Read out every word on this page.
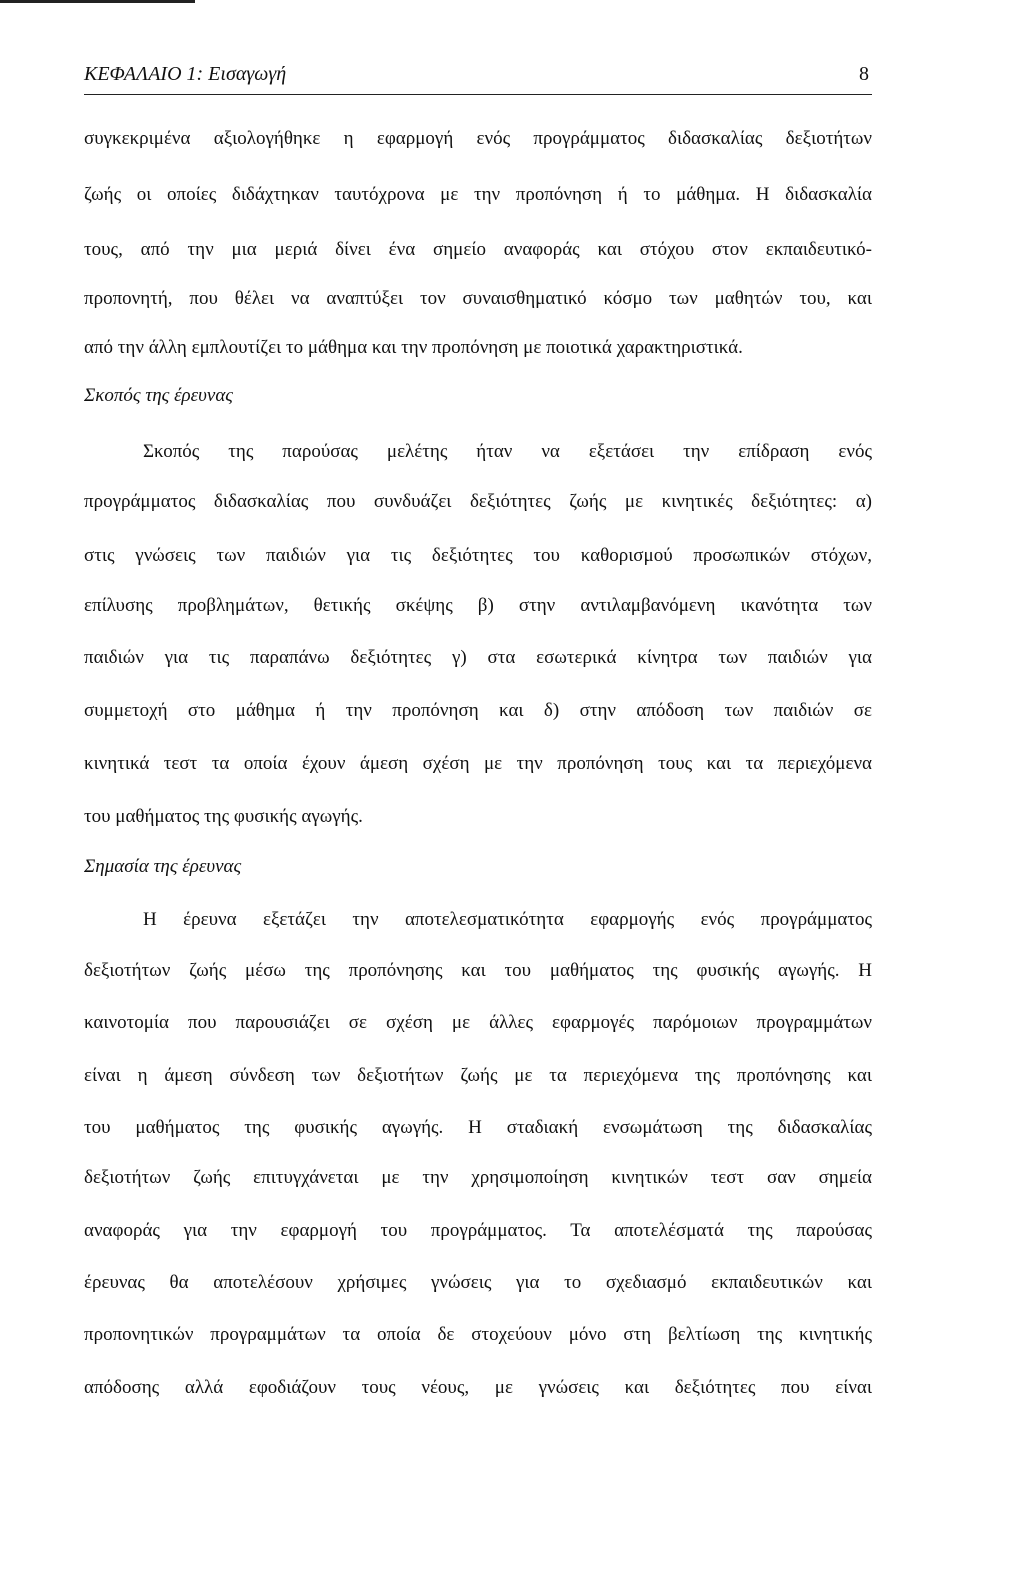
ΚΕΦΑΛΑΙΟ 1: Εισαγωγή	8
συγκεκριμένα αξιολογήθηκε η εφαρμογή ενός προγράμματος διδασκαλίας δεξιοτήτων
ζωής οι οποίες διδάχτηκαν ταυτόχρονα με την προπόνηση ή το μάθημα. Η διδασκαλία
τους, από την μια μεριά δίνει ένα σημείο αναφοράς και στόχου στον εκπαιδευτικό-
προπονητή, που θέλει να αναπτύξει τον συναισθηματικό κόσμο των μαθητών του, και
από την άλλη εμπλουτίζει το μάθημα και την προπόνηση με ποιοτικά χαρακτηριστικά.
Σκοπός της έρευνας
Σκοπός της παρούσας μελέτης ήταν να εξετάσει την επίδραση ενός
προγράμματος διδασκαλίας που συνδυάζει δεξιότητες ζωής με κινητικές δεξιότητες: α)
στις γνώσεις των παιδιών για τις δεξιότητες του καθορισμού προσωπικών στόχων,
επίλυσης προβλημάτων, θετικής σκέψης β) στην αντιλαμβανόμενη ικανότητα των
παιδιών για τις παραπάνω δεξιότητες γ) στα εσωτερικά κίνητρα των παιδιών για
συμμετοχή στο μάθημα ή την προπόνηση και δ) στην απόδοση των παιδιών σε
κινητικά τεστ τα οποία έχουν άμεση σχέση με την προπόνηση τους και τα περιεχόμενα
του μαθήματος της φυσικής αγωγής.
Σημασία της έρευνας
Η έρευνα εξετάζει την αποτελεσματικότητα εφαρμογής ενός προγράμματος
δεξιοτήτων ζωής μέσω της προπόνησης και του μαθήματος της φυσικής αγωγής. Η
καινοτομία που παρουσιάζει σε σχέση με άλλες εφαρμογές παρόμοιων προγραμμάτων
είναι η άμεση σύνδεση των δεξιοτήτων ζωής με τα περιεχόμενα της προπόνησης και
του μαθήματος της φυσικής αγωγής. Η σταδιακή ενσωμάτωση της διδασκαλίας
δεξιοτήτων ζωής επιτυγχάνεται με την χρησιμοποίηση κινητικών τεστ σαν σημεία
αναφοράς για την εφαρμογή του προγράμματος. Τα αποτελέσματά της παρούσας
έρευνας θα αποτελέσουν χρήσιμες γνώσεις για το σχεδιασμό εκπαιδευτικών και
προπονητικών προγραμμάτων τα οποία δε στοχεύουν μόνο στη βελτίωση της κινητικής
απόδοσης αλλά εφοδιάζουν τους νέους, με γνώσεις και δεξιότητες που είναι
